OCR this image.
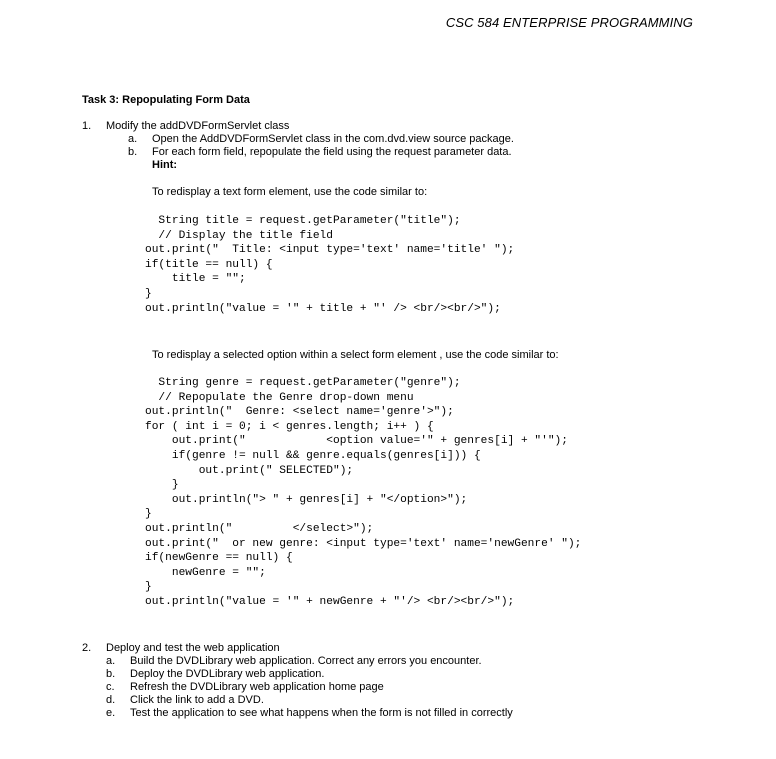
CSC 584 ENTERPRISE PROGRAMMING
Task 3: Repopulating Form Data
1. Modify the addDVDFormServlet class
a. Open the AddDVDFormServlet class in the com.dvd.view source package.
b. For each form field, repopulate the field using the request parameter data.
Hint:
To redisplay a text form element, use the code similar to:
String title = request.getParameter("title");
// Display the title field
out.print("  Title: <input type='text' name='title' ");
if(title == null) {
title = "";
}
out.println("value = '" + title + "' /> <br/><br/>");
To redisplay a selected option within a select form element , use the code similar to:
String genre = request.getParameter("genre");
// Repopulate the Genre drop-down menu
out.println("  Genre: <select name='genre'>");
for ( int i = 0; i < genres.length; i++ ) {
out.print("            <option value='" + genres[i] + "'");
if(genre != null && genre.equals(genres[i])) {
out.print(" SELECTED");
}
out.println("> " + genres[i] + "</option>");
}
out.println("         </select>");
out.print("  or new genre: <input type='text' name='newGenre' ");
if(newGenre == null) {
newGenre = "";
}
out.println("value = '" + newGenre + "'/> <br/><br/>");
2. Deploy and test the web application
a. Build the DVDLibrary web application. Correct any errors you encounter.
b. Deploy the DVDLibrary web application.
c. Refresh the DVDLibrary web application home page
d. Click the link to add a DVD.
e. Test the application to see what happens when the form is not filled in correctly
